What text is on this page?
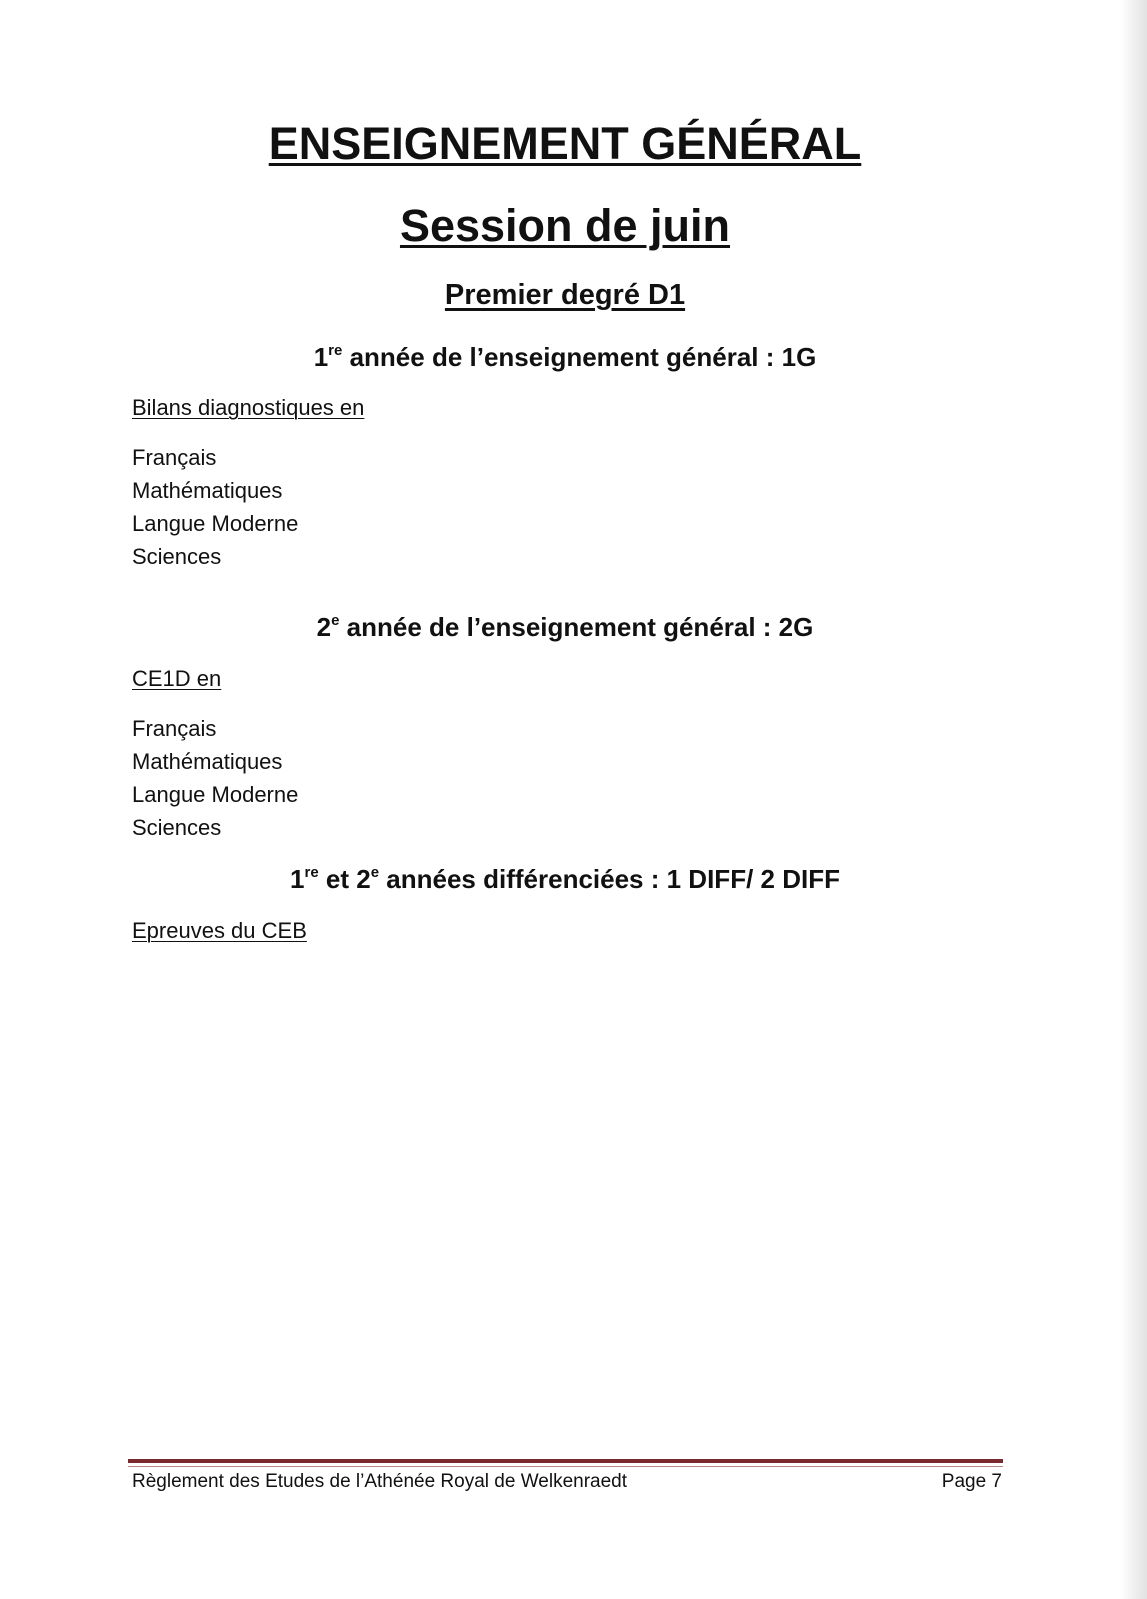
ENSEIGNEMENT GÉNÉRAL
Session de juin
Premier degré D1
1re année de l’enseignement général : 1G
Bilans diagnostiques en
Français
Mathématiques
Langue Moderne
Sciences
2e année de l’enseignement général : 2G
CE1D en
Français
Mathématiques
Langue Moderne
Sciences
1re et 2e années différenciées : 1 DIFF/ 2 DIFF
Epreuves du CEB
Règlement des Etudes de l’Athénée Royal de Welkenraedt	Page 7
